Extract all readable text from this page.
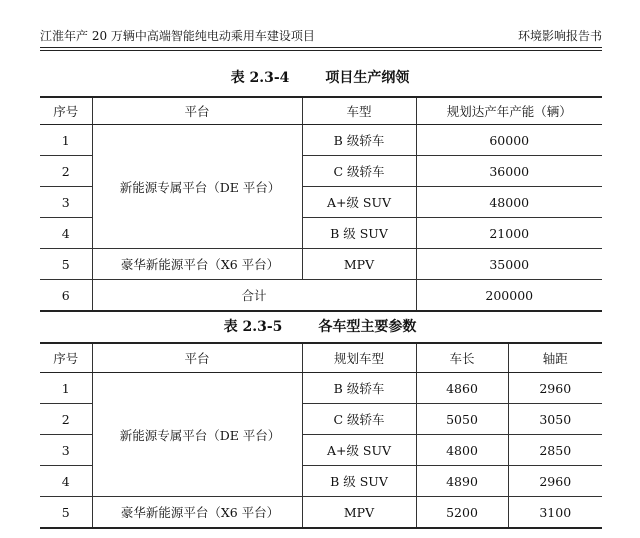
江淮年产 20 万辆中高端智能纯电动乘用车建设项目	环境影响报告书
表 2.3-4	项目生产纲领
序号	平台	车型	规划达产年产能（辆）
1	新能源专属平台（DE 平台）	B 级轿车	60000
2		C 级轿车	36000
3		A+级 SUV	48000
4		B 级 SUV	21000
5	豪华新能源平台（X6 平台）	MPV	35000
6	合计		200000
表 2.3-5	各车型主要参数
序号	平台	规划车型	车长	轴距
1	新能源专属平台（DE 平台）	B 级轿车	4860	2960
2		C 级轿车	5050	3050
3		A+级 SUV	4800	2850
4		B 级 SUV	4890	2960
5	豪华新能源平台（X6 平台）	MPV	5200	3100
